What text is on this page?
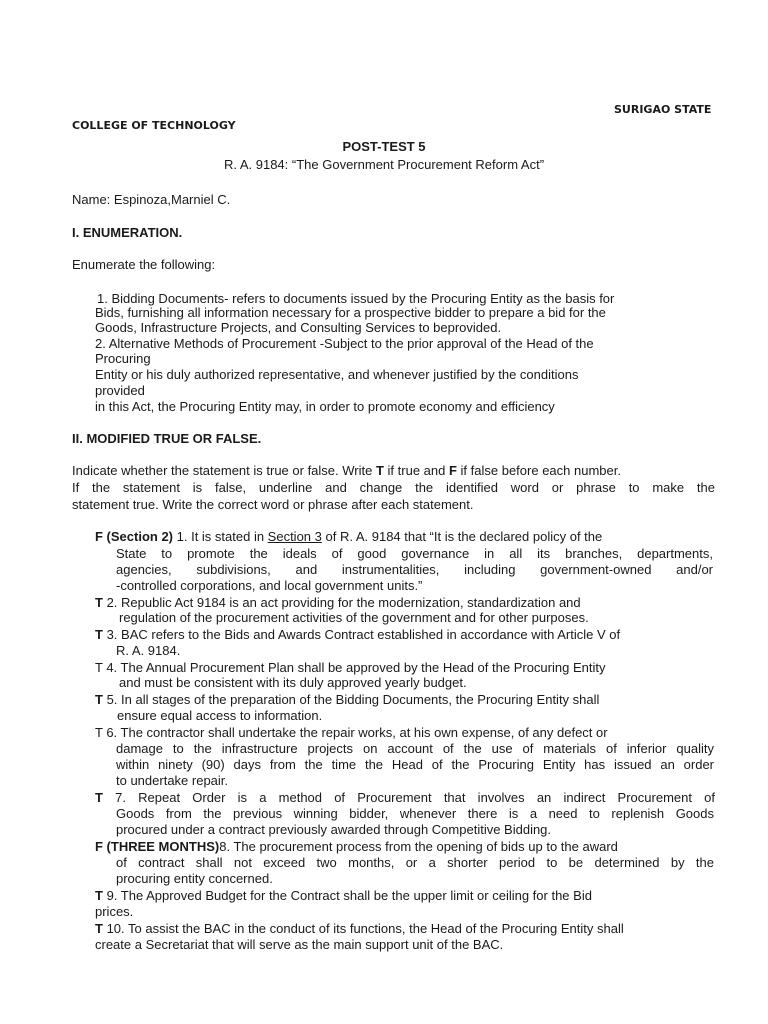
SURIGAO STATE
COLLEGE OF TECHNOLOGY
POST-TEST 5
R. A. 9184: “The Government Procurement Reform Act”
Name: Espinoza,Marniel C.
I. ENUMERATION.
Enumerate the following:
1. Bidding Documents- refers to documents issued by the Procuring Entity as the basis for
Bids, furnishing all information necessary for a prospective bidder to prepare a bid for the
Goods, Infrastructure Projects, and Consulting Services to beprovided.
2. Alternative Methods of Procurement -Subject to the prior approval of the Head of the
Procuring
Entity or his duly authorized representative, and whenever justified by the conditions
provided
in this Act, the Procuring Entity may, in order to promote economy and efficiency
II. MODIFIED TRUE OR FALSE.
Indicate whether the statement is true or false. Write T if true and F if false before each number.
If the statement is false, underline and change the identified word or phrase to make the
statement true. Write the correct word or phrase after each statement.
F (Section 2) 1. It is stated in Section 3 of R. A. 9184 that “It is the declared policy of the
State to promote the ideals of good governance in all its branches, departments,
agencies, subdivisions, and instrumentalities, including government-owned and/or
-controlled corporations, and local government units.”
T 2. Republic Act 9184 is an act providing for the modernization, standardization and
regulation of the procurement activities of the government and for other purposes.
T 3. BAC refers to the Bids and Awards Contract established in accordance with Article V of
R. A. 9184.
T 4. The Annual Procurement Plan shall be approved by the Head of the Procuring Entity
and must be consistent with its duly approved yearly budget.
T 5. In all stages of the preparation of the Bidding Documents, the Procuring Entity shall
ensure equal access to information.
T 6. The contractor shall undertake the repair works, at his own expense, of any defect or
damage to the infrastructure projects on account of the use of materials of inferior quality
within ninety (90) days from the time the Head of the Procuring Entity has issued an order
to undertake repair.
T 7. Repeat Order is a method of Procurement that involves an indirect Procurement of
Goods from the previous winning bidder, whenever there is a need to replenish Goods
procured under a contract previously awarded through Competitive Bidding.
F (THREE MONTHS)8. The procurement process from the opening of bids up to the award
of contract shall not exceed two months, or a shorter period to be determined by the
procuring entity concerned.
T 9. The Approved Budget for the Contract shall be the upper limit or ceiling for the Bid
prices.
T 10. To assist the BAC in the conduct of its functions, the Head of the Procuring Entity shall
create a Secretariat that will serve as the main support unit of the BAC.
